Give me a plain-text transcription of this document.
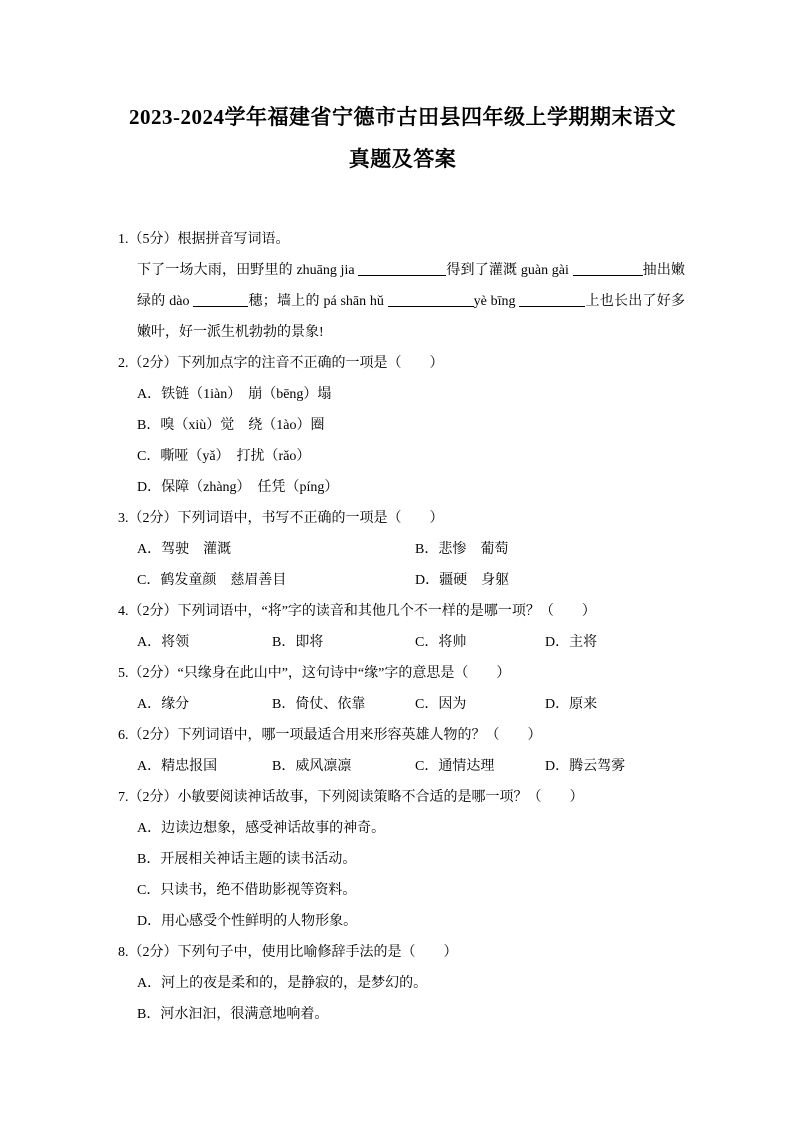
2023-2024学年福建省宁德市古田县四年级上学期期末语文
真题及答案

1.（5分）根据拼音写词语。

下了一场大雨，田野里的 zhuāng jia	得到了灌溉 guàn gài	抽出嫩绿的 dào	穗；墙上的 pá shān hǔ	yè bīng	上也长出了好多嫩叶，好一派生机勃勃的景象!

2.（2分）下列加点字的注音不正确的一项是（　　）

A．铁链（1iàn）　崩（bēng）塌

B．嗅（xiù）觉　绕（1ào）圈

C．嘶哑（yǎ）　打扰（rǎo）

D．保障（zhàng）　任凭（píng）

3.（2分）下列词语中，书写不正确的一项是（　　）

A．驾驶　灌溉	B．悲惨　葡萄
C．鹤发童颜　慈眉善目	D．疆硬　身躯

4.（2分）下列词语中，“将”字的读音和其他几个不一样的是哪一项？（　　）

A．将领	B．即将	C．将帅	D．主将

5.（2分）“只缘身在此山中”，这句诗中“缘”字的意思是（　　）

A．缘分	B．倚仗、依靠	C．因为	D．原来

6.（2分）下列词语中，哪一项最适合用来形容英雄人物的？（　　）

A．精忠报国	B．威风凛凛	C．通情达理	D．腾云驾雾

7.（2分）小敏要阅读神话故事，下列阅读策略不合适的是哪一项？（　　）

A．边读边想象，感受神话故事的神奇。

B．开展相关神话主题的读书活动。

C．只读书，绝不借助影视等资料。

D．用心感受个性鲜明的人物形象。

8.（2分）下列句子中，使用比喻修辞手法的是（　　）

A．河上的夜是柔和的，是静寂的，是梦幻的。

B．河水汩汩，很满意地响着。
